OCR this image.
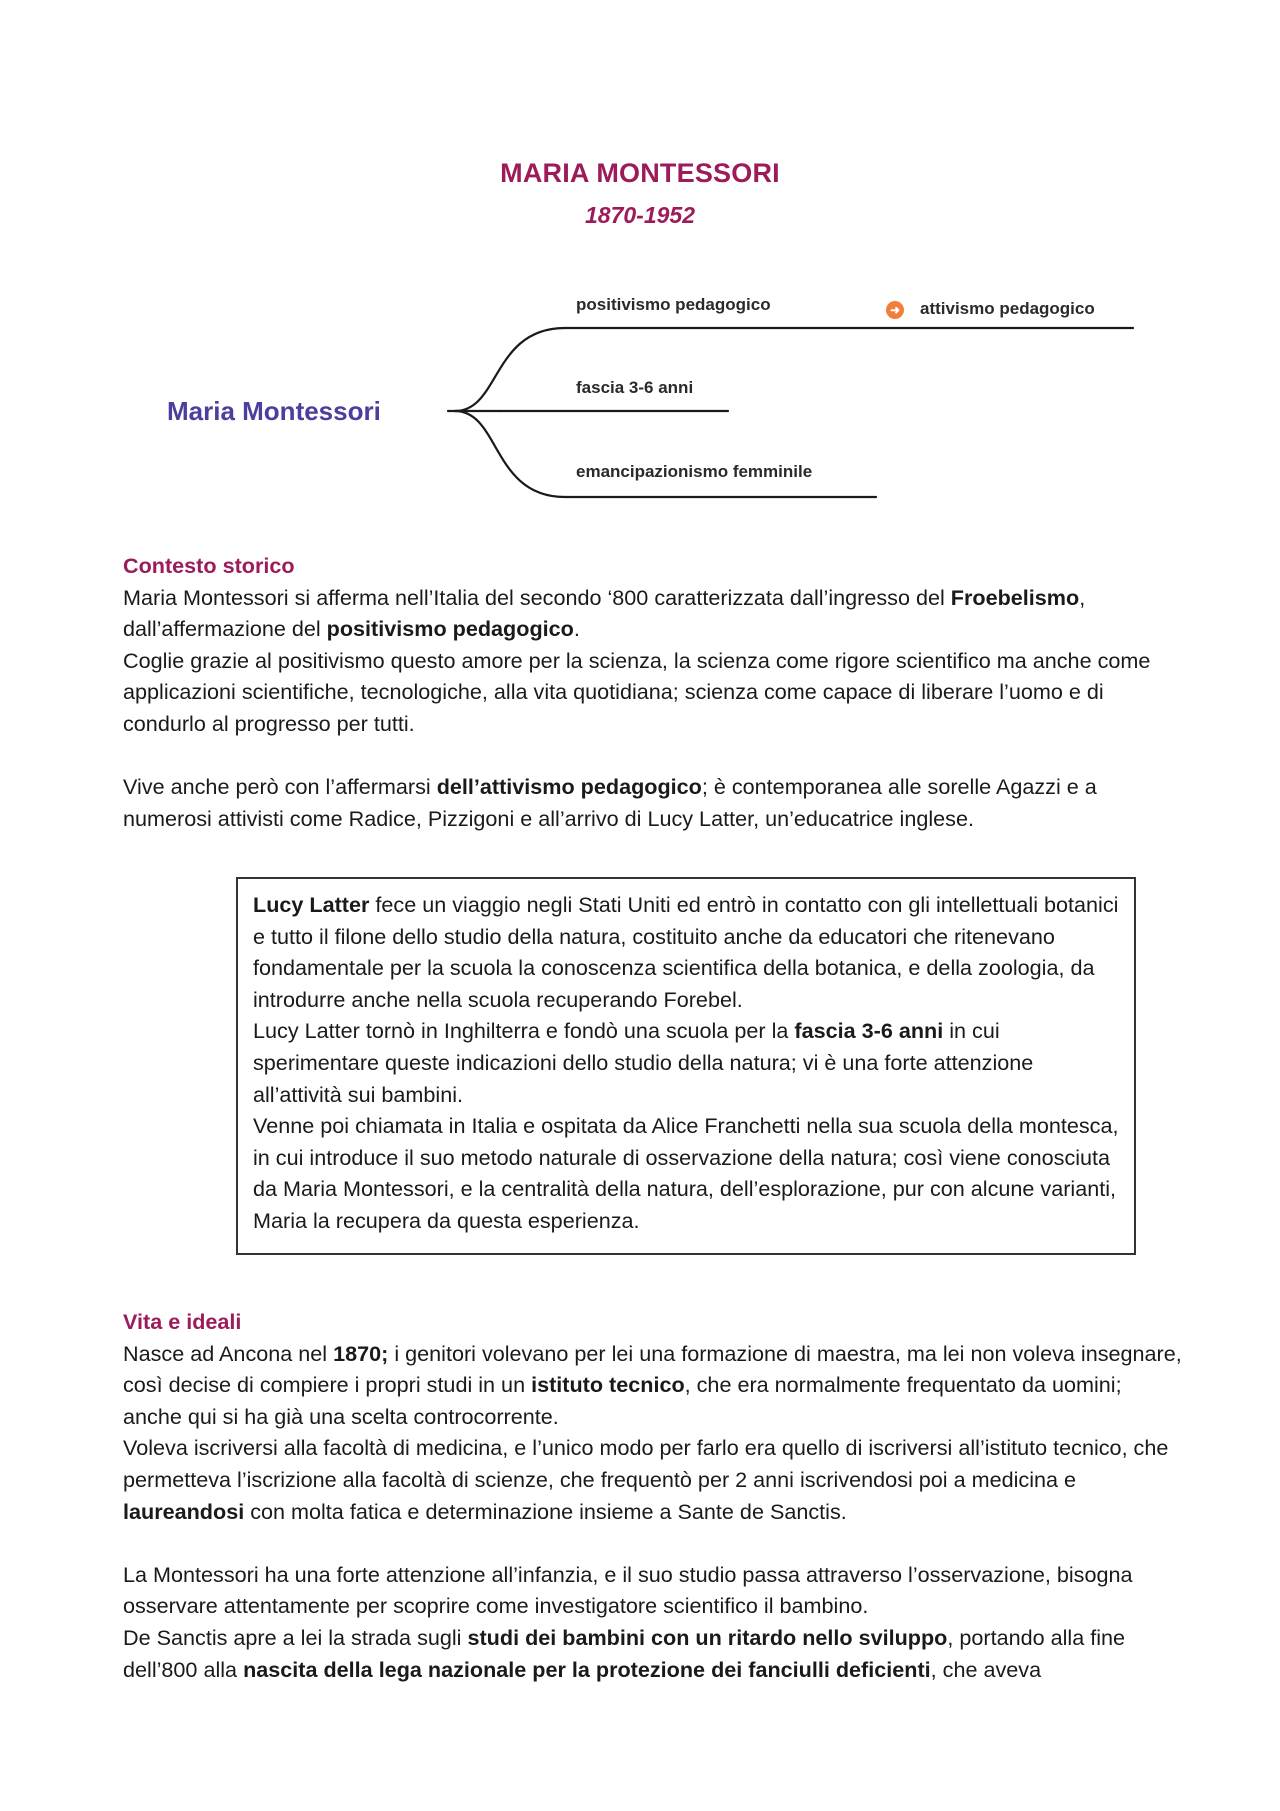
MARIA MONTESSORI
1870-1952
Maria Montessori
positivismo pedagogico
fascia 3-6 anni
emancipazionismo femminile
➜ attivismo pedagogico

Contesto storico

Maria Montessori si afferma nell’Italia del secondo ‘800 caratterizzata dall’ingresso del Froebelismo, dall’affermazione del positivismo pedagogico.

Coglie grazie al positivismo questo amore per la scienza, la scienza come rigore scientifico ma anche come applicazioni scientifiche, tecnologiche, alla vita quotidiana; scienza come capace di liberare l’uomo e di condurlo al progresso per tutti.

Vive anche però con l’affermarsi dell’attivismo pedagogico; è contemporanea alle sorelle Agazzi e a numerosi attivisti come Radice, Pizzigoni e all’arrivo di Lucy Latter, un’educatrice inglese.

Lucy Latter fece un viaggio negli Stati Uniti ed entrò in contatto con gli intellettuali botanici e tutto il filone dello studio della natura, costituito anche da educatori che ritenevano fondamentale per la scuola la conoscenza scientifica della botanica, e della zoologia, da introdurre anche nella scuola recuperando Forebel.

Lucy Latter tornò in Inghilterra e fondò una scuola per la fascia 3-6 anni in cui sperimentare queste indicazioni dello studio della natura; vi è una forte attenzione all’attività sui bambini.

Venne poi chiamata in Italia e ospitata da Alice Franchetti nella sua scuola della montesca, in cui introduce il suo metodo naturale di osservazione della natura; così viene conosciuta da Maria Montessori, e la centralità della natura, dell’esplorazione, pur con alcune varianti, Maria la recupera da questa esperienza.

Vita e ideali

Nasce ad Ancona nel 1870; i genitori volevano per lei una formazione di maestra, ma lei non voleva insegnare, così decise di compiere i propri studi in un istituto tecnico, che era normalmente frequentato da uomini; anche qui si ha già una scelta controcorrente.

Voleva iscriversi alla facoltà di medicina, e l’unico modo per farlo era quello di iscriversi all’istituto tecnico, che permetteva l’iscrizione alla facoltà di scienze, che frequentò per 2 anni iscrivendosi poi a medicina e laureandosi con molta fatica e determinazione insieme a Sante de Sanctis.

La Montessori ha una forte attenzione all’infanzia, e il suo studio passa attraverso l’osservazione, bisogna osservare attentamente per scoprire come investigatore scientifico il bambino.

De Sanctis apre a lei la strada sugli studi dei bambini con un ritardo nello sviluppo, portando alla fine dell’800 alla nascita della lega nazionale per la protezione dei fanciulli deficienti, che aveva
